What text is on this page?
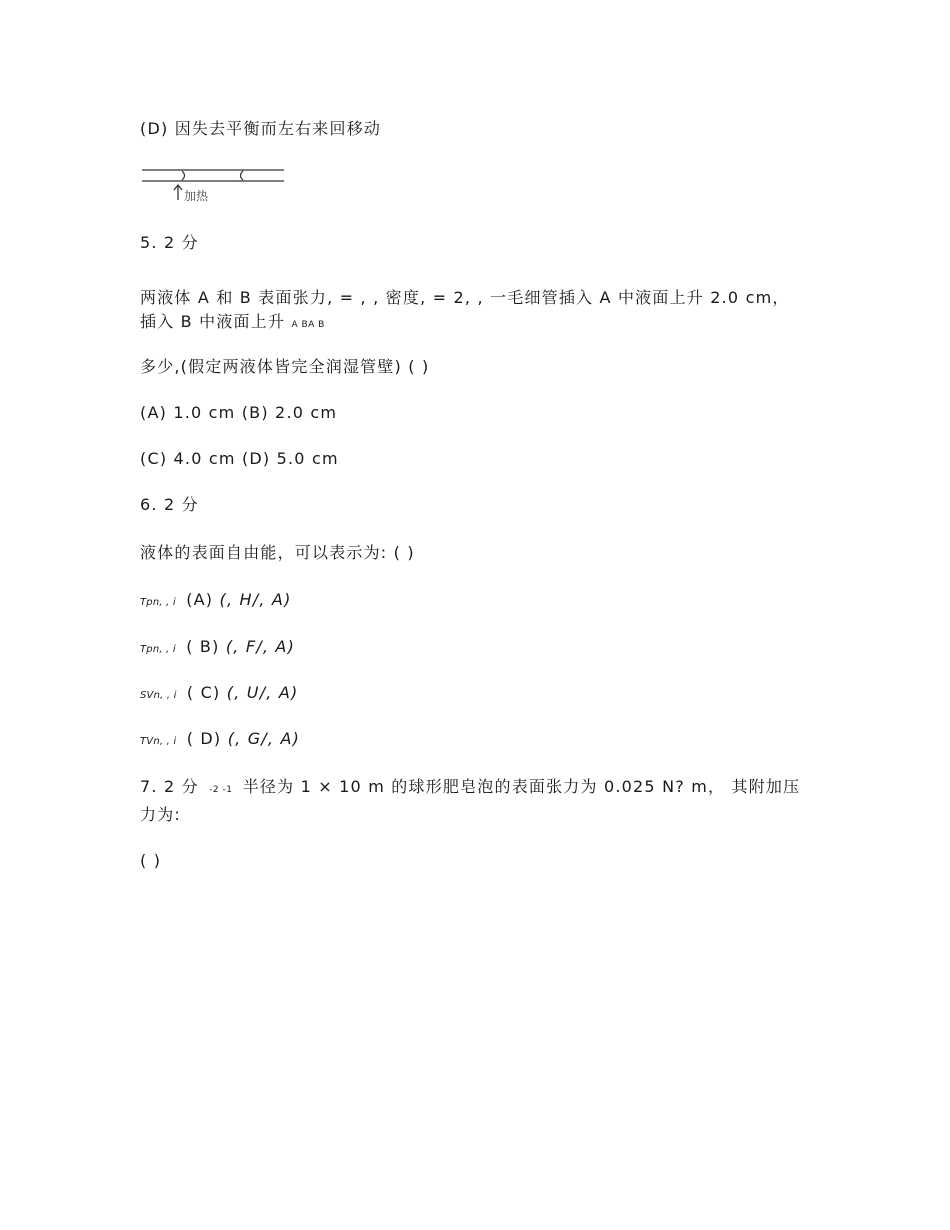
(D) 因失去平衡而左右来回移动
加热
5. 2 分
两液体 A 和 B 表面张力, = , , 密度, = 2, , 一毛细管插入 A 中液面上升 2.0 cm， 插入 B 中液面上升 A BA B
多少,(假定两液体皆完全润湿管壁) ( )
(A) 1.0 cm (B) 2.0 cm
(C) 4.0 cm (D) 5.0 cm
6. 2 分
液体的表面自由能，可以表示为: ( )
Tpn, , i (A) (, H/, A)
Tpn, , i ( B) (, F/, A)
SVn, , i ( C) (, U/, A)
TVn, , i ( D) (, G/, A)
7. 2 分 -2 -1 半径为 1 × 10 m 的球形肥皂泡的表面张力为 0.025 N? m， 其附加压
力为:
( )
